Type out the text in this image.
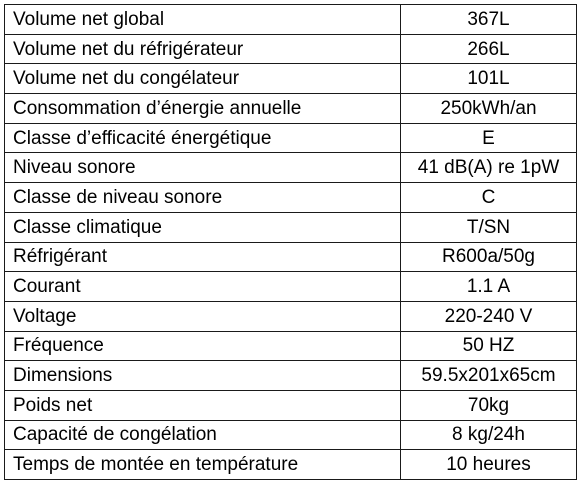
Volume net global	367L
Volume net du réfrigérateur	266L
Volume net du congélateur	101L
Consommation d’énergie annuelle	250kWh/an
Classe d’efficacité énergétique	E
Niveau sonore	41 dB(A) re 1pW
Classe de niveau sonore	C
Classe climatique	T/SN
Réfrigérant	R600a/50g
Courant	1.1 A
Voltage	220-240 V
Fréquence	50 HZ
Dimensions	59.5x201x65cm
Poids net	70kg
Capacité de congélation	8 kg/24h
Temps de montée en température	10 heures
